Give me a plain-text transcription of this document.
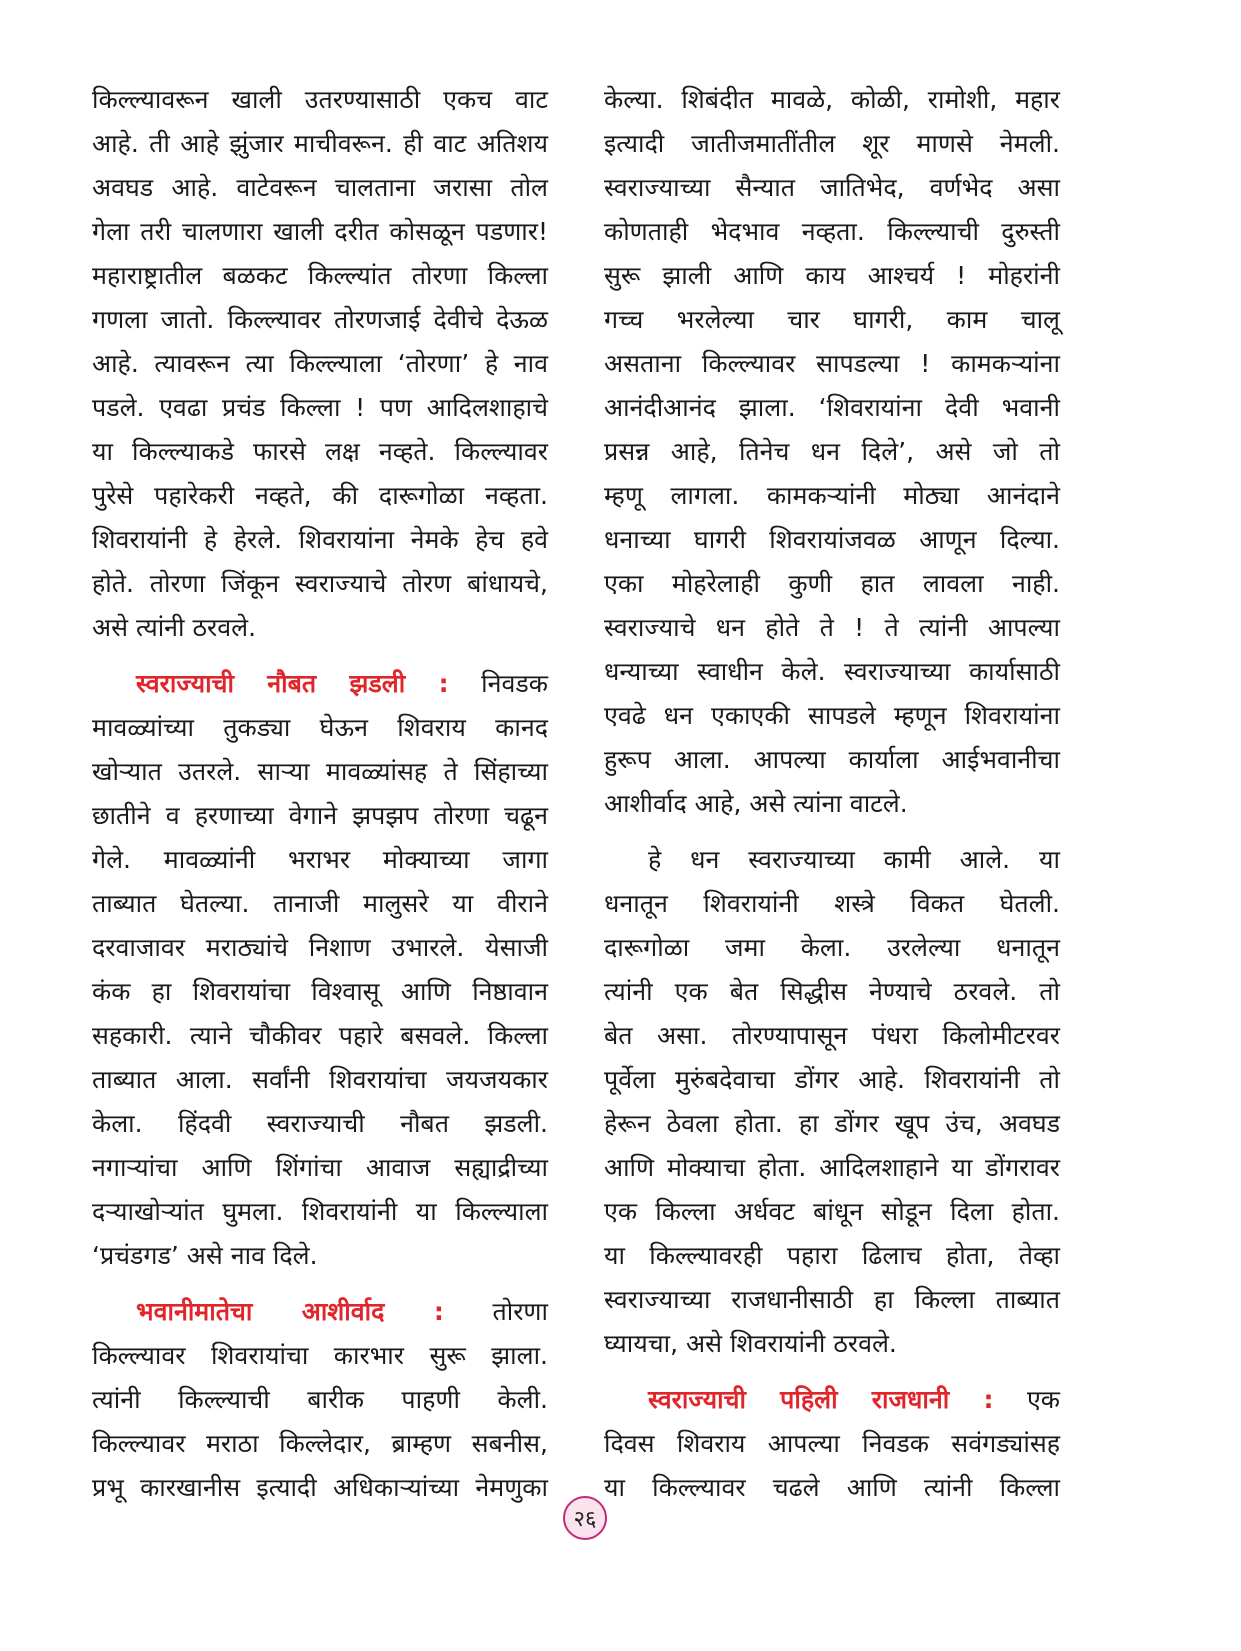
किल्ल्यावरून खाली उतरण्यासाठी एकच वाट
आहे. ती आहे झुंजार माचीवरून. ही वाट अतिशय
अवघड आहे. वाटेवरून चालताना जरासा तोल
गेला तरी चालणारा खाली दरीत कोसळून पडणार!
महाराष्ट्रातील बळकट किल्ल्यांत तोरणा किल्ला
गणला जातो. किल्ल्यावर तोरणजाई देवीचे देऊळ
आहे. त्यावरून त्या किल्ल्याला ‘तोरणा’ हे नाव
पडले. एवढा प्रचंड किल्ला ! पण आदिलशाहाचे
या किल्ल्याकडे फारसे लक्ष नव्हते. किल्ल्यावर
पुरेसे पहारेकरी नव्हते, की दारूगोळा नव्हता.
शिवरायांनी हे हेरले. शिवरायांना नेमके हेच हवे
होते. तोरणा जिंकून स्वराज्याचे तोरण बांधायचे,
असे त्यांनी ठरवले.
स्वराज्याची नौबत झडली : निवडक
मावळ्यांच्या तुकड्या घेऊन शिवराय कानद
खोऱ्यात उतरले. साऱ्या मावळ्यांसह ते सिंहाच्या
छातीने व हरणाच्या वेगाने झपझप तोरणा चढून
गेले. मावळ्यांनी भराभर मोक्याच्या जागा
ताब्यात घेतल्या. तानाजी मालुसरे या वीराने
दरवाजावर मराठ्यांचे निशाण उभारले. येसाजी
कंक हा शिवरायांचा विश्वासू आणि निष्ठावान
सहकारी. त्याने चौकीवर पहारे बसवले. किल्ला
ताब्यात आला. सर्वांनी शिवरायांचा जयजयकार
केला. हिंदवी स्वराज्याची नौबत झडली.
नगाऱ्यांचा आणि शिंगांचा आवाज सह्याद्रीच्या
दऱ्याखोऱ्यांत घुमला. शिवरायांनी या किल्ल्याला
‘प्रचंडगड’ असे नाव दिले.
भवानीमातेचा आशीर्वाद : तोरणा
किल्ल्यावर शिवरायांचा कारभार सुरू झाला.
त्यांनी किल्ल्याची बारीक पाहणी केली.
किल्ल्यावर मराठा किल्लेदार, ब्राम्हण सबनीस,
प्रभू कारखानीस इत्यादी अधिकाऱ्यांच्या नेमणुका
केल्या. शिबंदीत मावळे, कोळी, रामोशी, महार
इत्यादी जातीजमातींतील शूर माणसे नेमली.
स्वराज्याच्या सैन्यात जातिभेद, वर्णभेद असा
कोणताही भेदभाव नव्हता. किल्ल्याची दुरुस्ती
सुरू झाली आणि काय आश्चर्य ! मोहरांनी
गच्च भरलेल्या चार घागरी, काम चालू
असताना किल्ल्यावर सापडल्या ! कामकऱ्यांना
आनंदीआनंद झाला. ‘शिवरायांना देवी भवानी
प्रसन्न आहे, तिनेच धन दिले’, असे जो तो
म्हणू लागला. कामकऱ्यांनी मोठ्या आनंदाने
धनाच्या घागरी शिवरायांजवळ आणून दिल्या.
एका मोहरेलाही कुणी हात लावला नाही.
स्वराज्याचे धन होते ते ! ते त्यांनी आपल्या
धन्याच्या स्वाधीन केले. स्वराज्याच्या कार्यासाठी
एवढे धन एकाएकी सापडले म्हणून शिवरायांना
हुरूप आला. आपल्या कार्याला आईभवानीचा
आशीर्वाद आहे, असे त्यांना वाटले.
हे धन स्वराज्याच्या कामी आले. या
धनातून शिवरायांनी शस्त्रे विकत घेतली.
दारूगोळा जमा केला. उरलेल्या धनातून
त्यांनी एक बेत सिद्धीस नेण्याचे ठरवले. तो
बेत असा. तोरण्यापासून पंधरा किलोमीटरवर
पूर्वेला मुरुंबदेवाचा डोंगर आहे. शिवरायांनी तो
हेरून ठेवला होता. हा डोंगर खूप उंच, अवघड
आणि मोक्याचा होता. आदिलशाहाने या डोंगरावर
एक किल्ला अर्धवट बांधून सोडून दिला होता.
या किल्ल्यावरही पहारा ढिलाच होता, तेव्हा
स्वराज्याच्या राजधानीसाठी हा किल्ला ताब्यात
घ्यायचा, असे शिवरायांनी ठरवले.
स्वराज्याची पहिली राजधानी : एक
दिवस शिवराय आपल्या निवडक सवंगड्यांसह
या किल्ल्यावर चढले आणि त्यांनी किल्ला
२६
